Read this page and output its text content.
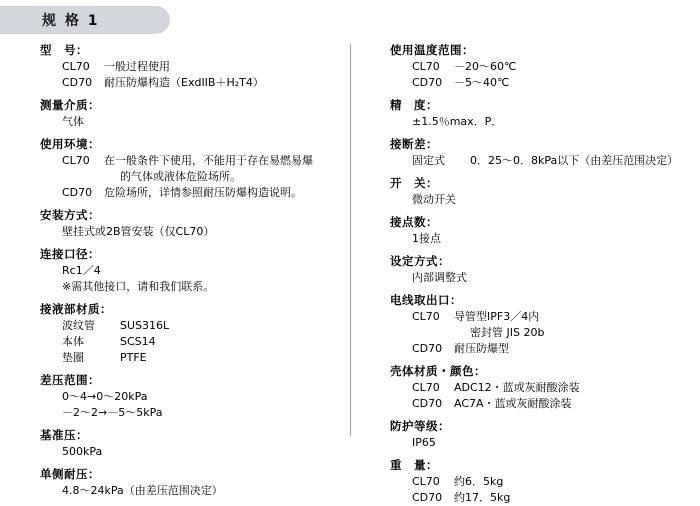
规 格 1
型　号：
CL70	一般过程使用
CD70	耐压防爆构造（ExdIIB＋H₂T4）
测量介质：
气体
使用环境：
CL70	在一般条件下使用，不能用于存在易燃易爆
的气体或液体危险场所。
CD70	危险场所，详情参照耐压防爆构造说明。
安装方式：
壁挂式或2B管安装（仅CL70）
连接口径：
Rc1／4
※需其他接口，请和我们联系。
接液部材质：
波纹管	SUS316L
本体	SCS14
垫圈	PTFE
差压范围：
0～4→0～20kPa
－2～2→－5～5kPa
基准压：
500kPa
单侧耐压：
4.8～24kPa（由差压范围决定）
使用温度范围：
CL70	－20～60℃
CD70	－5～40℃
精　度：
±1.5％max．P．
接断差：
固定式	0．25～0．8kPa以下（由差压范围决定）
开　关：
微动开关
接点数：
1接点
设定方式：
内部调整式
电线取出口：
CL70	导管型IPF3／4内
密封管 JIS 20b
CD70	耐压防爆型
壳体材质・颜色：
CL70	ADC12・蓝或灰耐酸涂装
CD70	AC7A・蓝或灰耐酸涂装
防护等级：
IP65
重　量：
CL70	约6．5kg
CD70	约17．5kg
